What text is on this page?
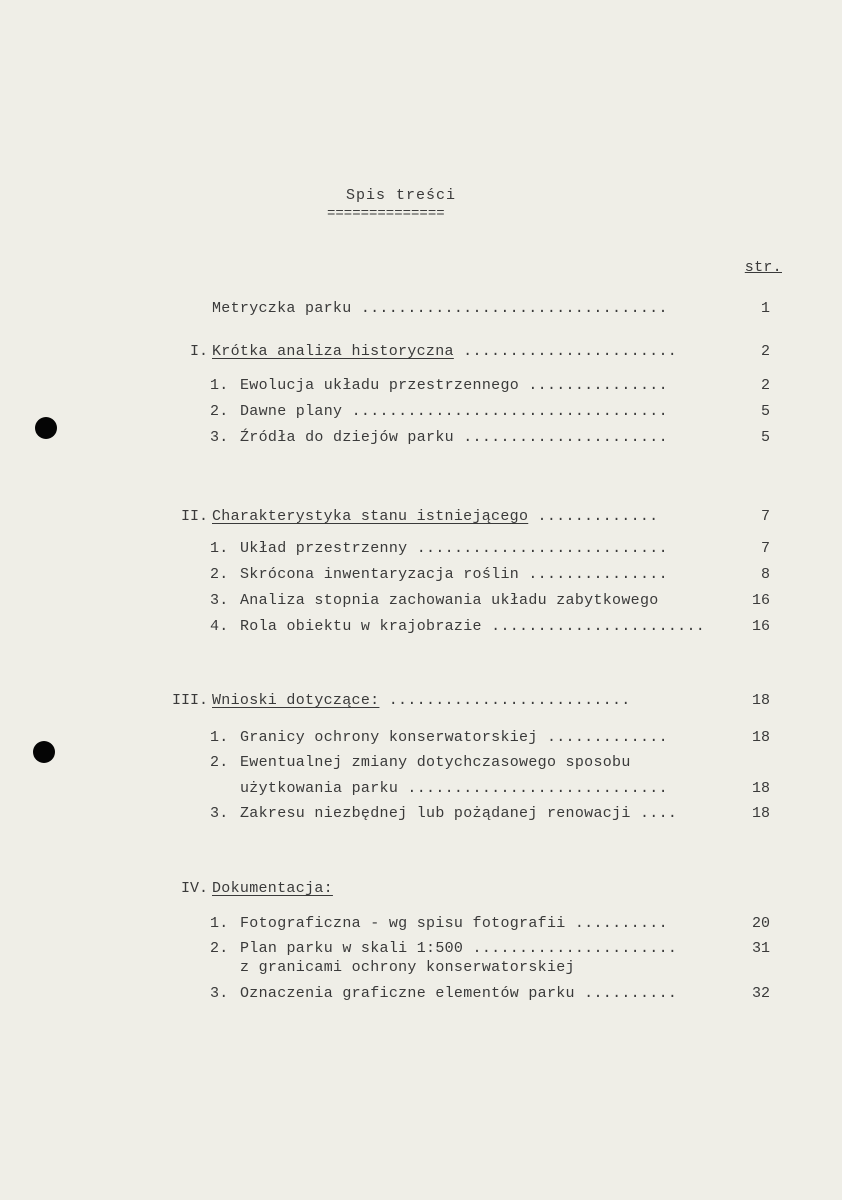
Spis treści
==============
str.
Metryczka parku .................................	1
I. Krótka analiza historyczna .......................	2
1. Ewolucja układu przestrzennego ...............	2
2. Dawne plany ..................................	5
3. Źródła do dziejów parku ......................	5
II. Charakterystyka stanu istniejącego .............	7
1. Układ przestrzenny ...........................	7
2. Skrócona inwentaryzacja roślin ...............	8
3. Analiza stopnia zachowania układu zabytkowego	16
4. Rola obiektu w krajobrazie .......................	16
III. Wnioski dotyczące: ..........................	18
1. Granicy ochrony konserwatorskiej .............	18
2. Ewentualnej zmiany dotychczasowego sposobu
użytkowania parku ............................	18
3. Zakresu niezbędnej lub pożądanej renowacji ....	18
IV. Dokumentacja:
1. Fotograficzna - wg spisu fotografii ..........	20
2. Plan parku w skali 1:500 ......................	31
z granicami ochrony konserwatorskiej
3. Oznaczenia graficzne elementów parku ..........	32
